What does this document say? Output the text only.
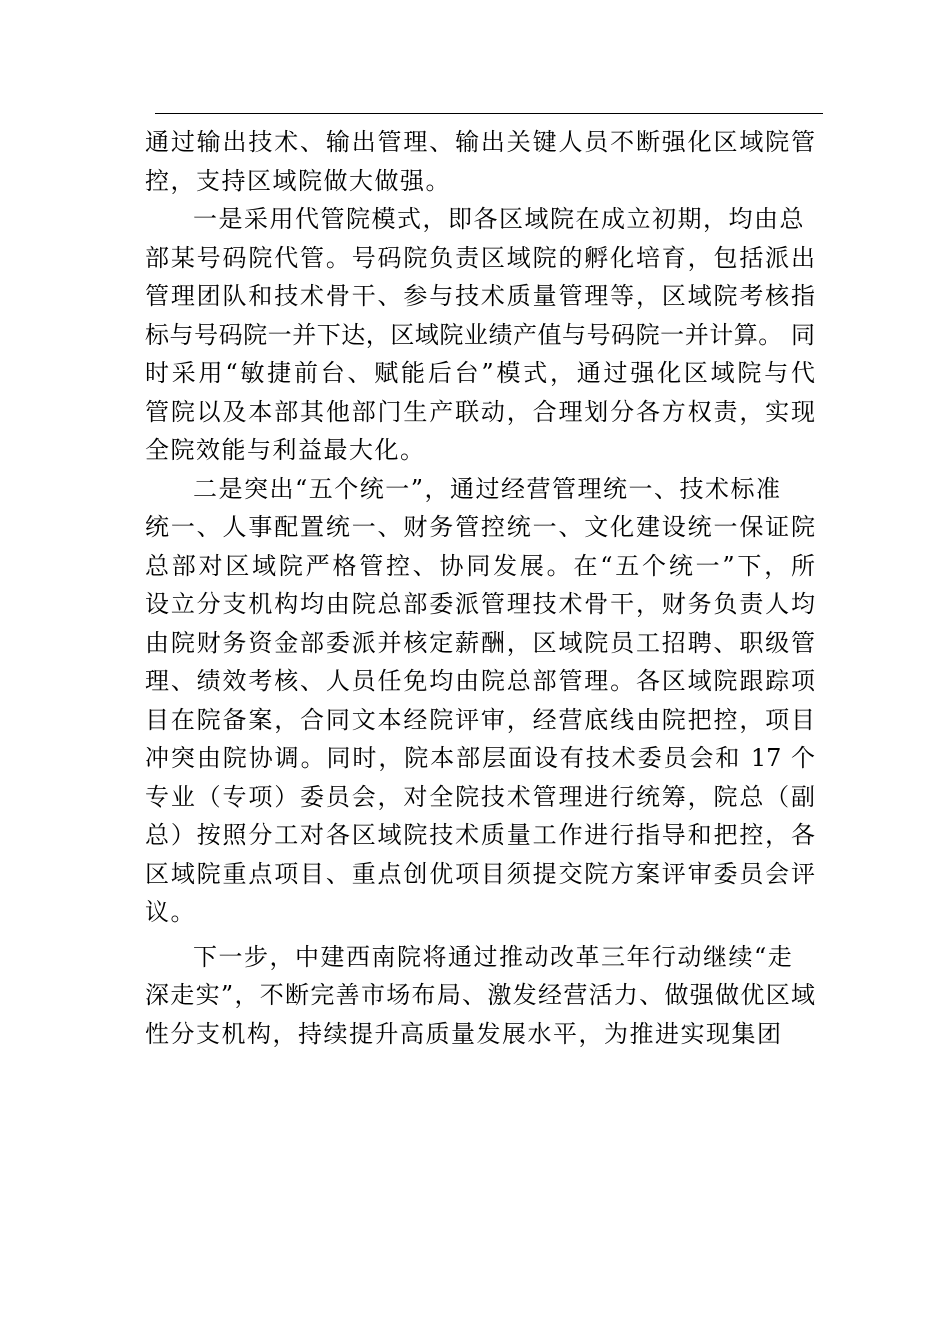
通过输出技术、输出管理、输出关键人员不断强化区域院管
控，支持区域院做大做强。
一是采用代管院模式，即各区域院在成立初期，均由总
部某号码院代管。号码院负责区域院的孵化培育，包括派出
管理团队和技术骨干、参与技术质量管理等，区域院考核指
标与号码院一并下达，区域院业绩产值与号码院一并计算。 同
时采用“敏捷前台、赋能后台”模式，通过强化区域院与代
管院以及本部其他部门生产联动，合理划分各方权责，实现
全院效能与利益最大化。
二是突出“五个统一”，通过经营管理统一、技术标准
统一、人事配置统一、财务管控统一、文化建设统一保证院
总部对区域院严格管控、协同发展。在“五个统一”下，所
设立分支机构均由院总部委派管理技术骨干，财务负责人均
由院财务资金部委派并核定薪酬，区域院员工招聘、职级管
理、绩效考核、人员任免均由院总部管理。各区域院跟踪项
目在院备案，合同文本经院评审，经营底线由院把控，项目
冲突由院协调。同时，院本部层面设有技术委员会和 17 个
专业（专项）委员会，对全院技术管理进行统筹，院总（副
总）按照分工对各区域院技术质量工作进行指导和把控，各
区域院重点项目、重点创优项目须提交院方案评审委员会评
议。
下一步，中建西南院将通过推动改革三年行动继续“走
深走实”，不断完善市场布局、激发经营活力、做强做优区域
性分支机构，持续提升高质量发展水平，为推进实现集团
